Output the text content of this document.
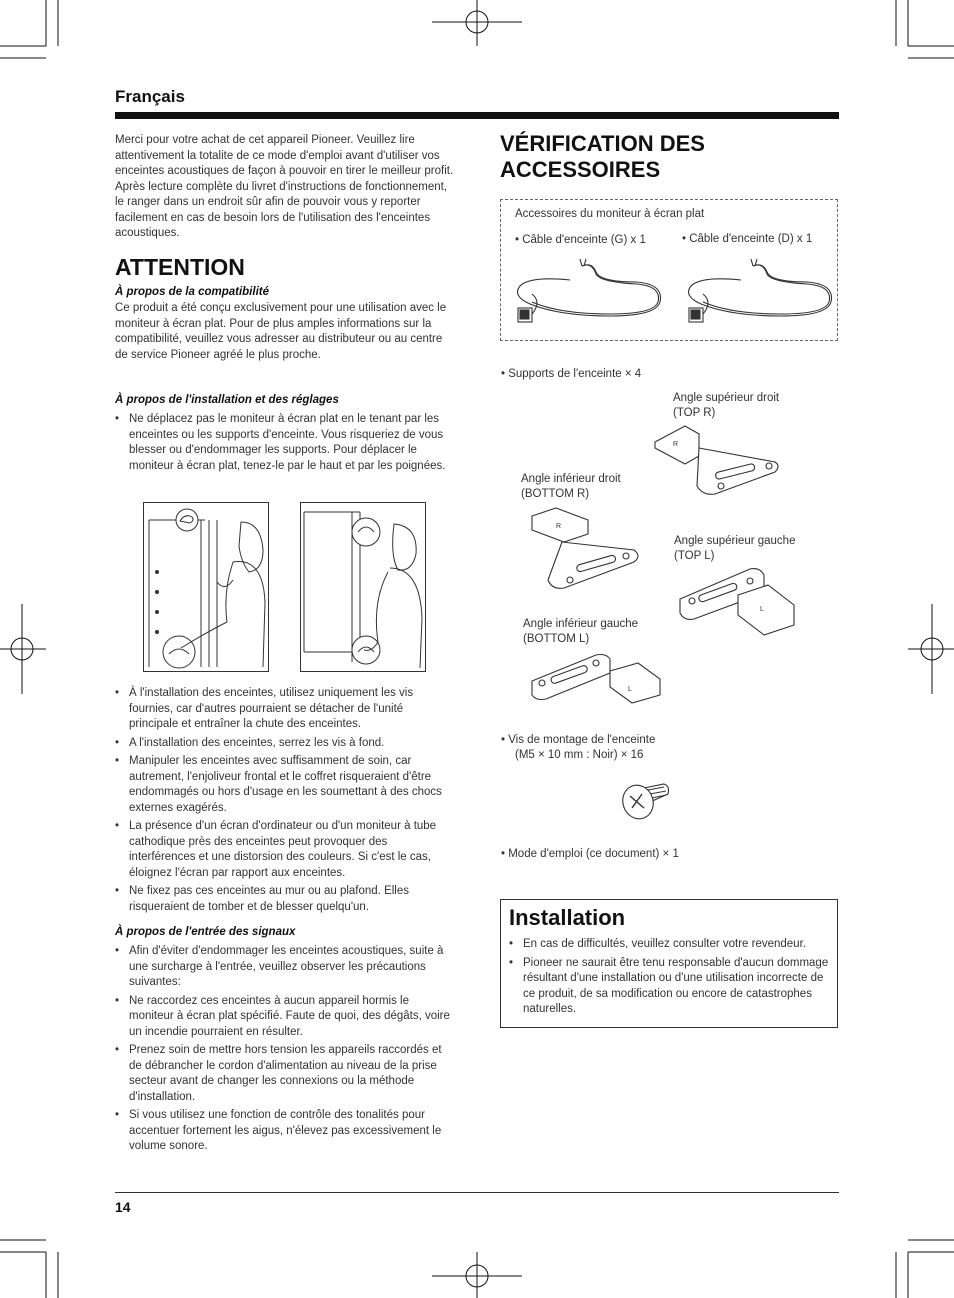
Français
Merci pour votre achat de cet appareil Pioneer. Veuillez lire attentivement la totalite de ce mode d'emploi avant d'utiliser vos enceintes acoustiques de façon à pouvoir en tirer le meilleur profit. Après lecture complète du livret d'instructions de fonctionnement, le ranger dans un endroit sûr afin de pouvoir vous y reporter facilement en cas de besoin lors de l'utilisation des l'enceintes acoustiques.
ATTENTION
À propos de la compatibilité
Ce produit a été conçu exclusivement pour une utilisation avec le moniteur à écran plat. Pour de plus amples informations sur la compatibilité, veuillez vous adresser au distributeur ou au centre de service Pioneer agréé le plus proche.
À propos de l'installation et des réglages
• Ne déplacez pas le moniteur à écran plat en le tenant par les enceintes ou les supports d'enceinte. Vous risqueriez de vous blesser ou d'endommager les supports. Pour déplacer le moniteur à écran plat, tenez-le par le haut et par les poignées.
• À l'installation des enceintes, utilisez uniquement les vis fournies, car d'autres pourraient se détacher de l'unité principale et entraîner la chute des enceintes.
• A l'installation des enceintes, serrez les vis à fond.
• Manipuler les enceintes avec suffisamment de soin, car autrement, l'enjoliveur frontal et le coffret risqueraient d'être endommagés ou hors d'usage en les soumettant à des chocs externes exagérés.
• La présence d'un écran d'ordinateur ou d'un moniteur à tube cathodique près des enceintes peut provoquer des interférences et une distorsion des couleurs. Si c'est le cas, éloignez l'écran par rapport aux enceintes.
• Ne fixez pas ces enceintes au mur ou au plafond. Elles risqueraient de tomber et de blesser quelqu'un.
À propos de l'entrée des signaux
• Afin d'éviter d'endommager les enceintes acoustiques, suite à une surcharge à l'entrée, veuillez observer les précautions suivantes:
• Ne raccordez ces enceintes à aucun appareil hormis le moniteur à écran plat spécifié. Faute de quoi, des dégâts, voire un incendie pourraient en résulter.
• Prenez soin de mettre hors tension les appareils raccordés et de débrancher le cordon d'alimentation au niveau de la prise secteur avant de changer les connexions ou la méthode d'installation.
• Si vous utilisez une fonction de contrôle des tonalités pour accentuer fortement les aigus, n'élevez pas excessivement le volume sonore.
VÉRIFICATION DES
ACCESSOIRES
Accessoires du moniteur à écran plat
• Câble d'enceinte (G) x 1	• Câble d'enceinte (D) x 1
• Supports de l'enceinte × 4
Angle supérieur droit
(TOP R)
R
Angle inférieur droit
(BOTTOM R)
R
Angle supérieur gauche
(TOP L)
L
Angle inférieur gauche
(BOTTOM L)
L
• Vis de montage de l'enceinte
(M5 × 10 mm : Noir) × 16
• Mode d'emploi (ce document) × 1
Installation
• En cas de difficultés, veuillez consulter votre revendeur.
• Pioneer ne saurait être tenu responsable d'aucun dommage résultant d'une installation ou d'une utilisation incorrecte de ce produit, de sa modification ou encore de catastrophes naturelles.
14
